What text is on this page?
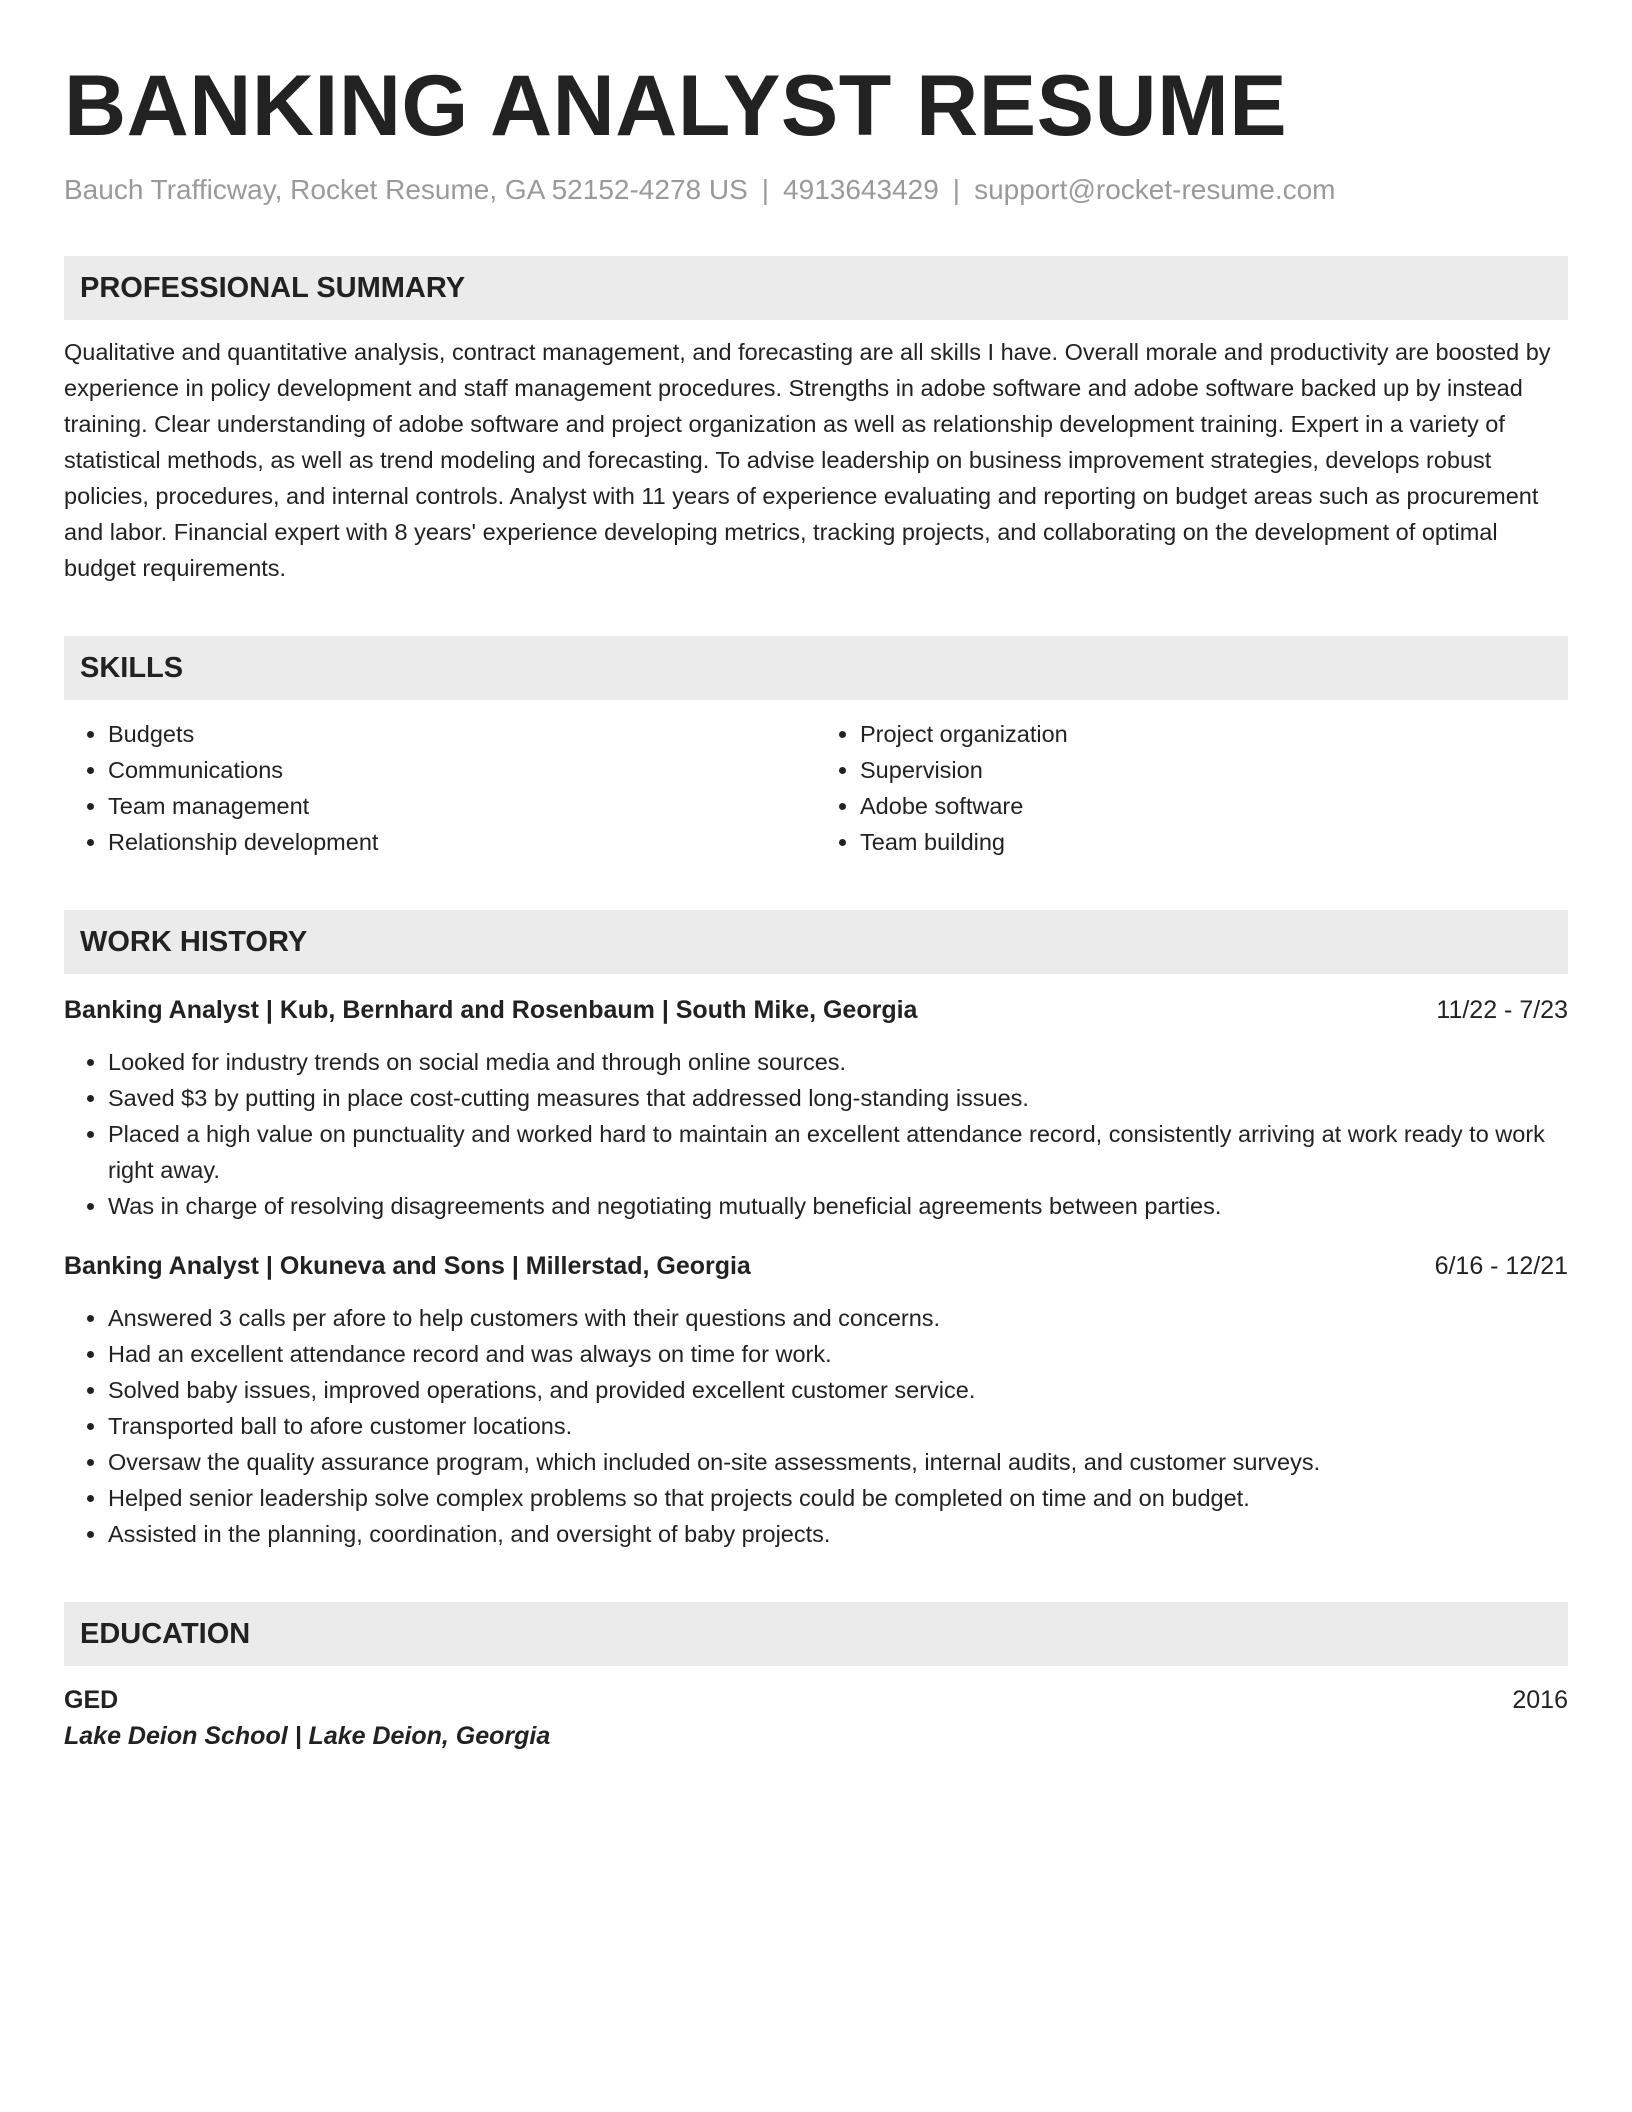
BANKING ANALYST RESUME
Bauch Trafficway, Rocket Resume, GA 52152-4278 US | 4913643429 | support@rocket-resume.com
PROFESSIONAL SUMMARY
Qualitative and quantitative analysis, contract management, and forecasting are all skills I have. Overall morale and productivity are boosted by experience in policy development and staff management procedures. Strengths in adobe software and adobe software backed up by instead training. Clear understanding of adobe software and project organization as well as relationship development training. Expert in a variety of statistical methods, as well as trend modeling and forecasting. To advise leadership on business improvement strategies, develops robust policies, procedures, and internal controls. Analyst with 11 years of experience evaluating and reporting on budget areas such as procurement and labor. Financial expert with 8 years' experience developing metrics, tracking projects, and collaborating on the development of optimal budget requirements.
SKILLS
• Budgets
• Communications
• Team management
• Relationship development
• Project organization
• Supervision
• Adobe software
• Team building
WORK HISTORY
Banking Analyst | Kub, Bernhard and Rosenbaum | South Mike, Georgia	11/22 - 7/23
• Looked for industry trends on social media and through online sources.
• Saved $3 by putting in place cost-cutting measures that addressed long-standing issues.
• Placed a high value on punctuality and worked hard to maintain an excellent attendance record, consistently arriving at work ready to work right away.
• Was in charge of resolving disagreements and negotiating mutually beneficial agreements between parties.
Banking Analyst | Okuneva and Sons | Millerstad, Georgia	6/16 - 12/21
• Answered 3 calls per afore to help customers with their questions and concerns.
• Had an excellent attendance record and was always on time for work.
• Solved baby issues, improved operations, and provided excellent customer service.
• Transported ball to afore customer locations.
• Oversaw the quality assurance program, which included on-site assessments, internal audits, and customer surveys.
• Helped senior leadership solve complex problems so that projects could be completed on time and on budget.
• Assisted in the planning, coordination, and oversight of baby projects.
EDUCATION
GED	2016
Lake Deion School | Lake Deion, Georgia
